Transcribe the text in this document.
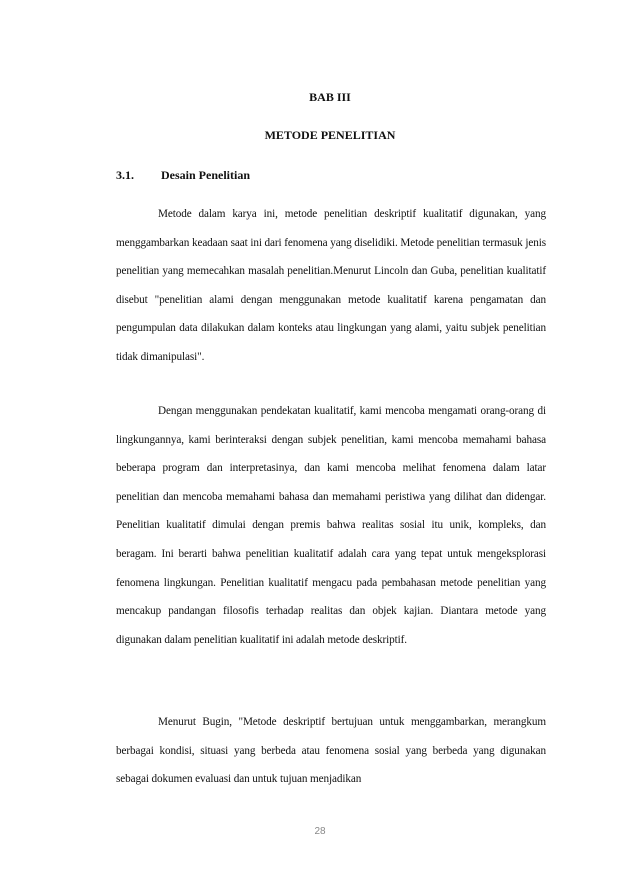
BAB III
METODE PENELITIAN
3.1. Desain Penelitian

Metode dalam karya ini, metode penelitian deskriptif kualitatif digunakan, yang menggambarkan keadaan saat ini dari fenomena yang diselidiki. Metode penelitian termasuk jenis penelitian yang memecahkan masalah penelitian.Menurut Lincoln dan Guba, penelitian kualitatif disebut "penelitian alami dengan menggunakan metode kualitatif karena pengamatan dan pengumpulan data dilakukan dalam konteks atau lingkungan yang alami, yaitu subjek penelitian tidak dimanipulasi".

Dengan menggunakan pendekatan kualitatif, kami mencoba mengamati orang-orang di lingkungannya, kami berinteraksi dengan subjek penelitian, kami mencoba memahami bahasa beberapa program dan interpretasinya, dan kami mencoba melihat fenomena dalam latar penelitian dan mencoba memahami bahasa dan memahami peristiwa yang dilihat dan didengar. Penelitian kualitatif dimulai dengan premis bahwa realitas sosial itu unik, kompleks, dan beragam. Ini berarti bahwa penelitian kualitatif adalah cara yang tepat untuk mengeksplorasi fenomena lingkungan. Penelitian kualitatif mengacu pada pembahasan metode penelitian yang mencakup pandangan filosofis terhadap realitas dan objek kajian. Diantara metode yang digunakan dalam penelitian kualitatif ini adalah metode deskriptif.

Menurut Bugin, "Metode deskriptif bertujuan untuk menggambarkan, merangkum berbagai kondisi, situasi yang berbeda atau fenomena sosial yang berbeda yang digunakan sebagai dokumen evaluasi dan untuk tujuan menjadikan

28
